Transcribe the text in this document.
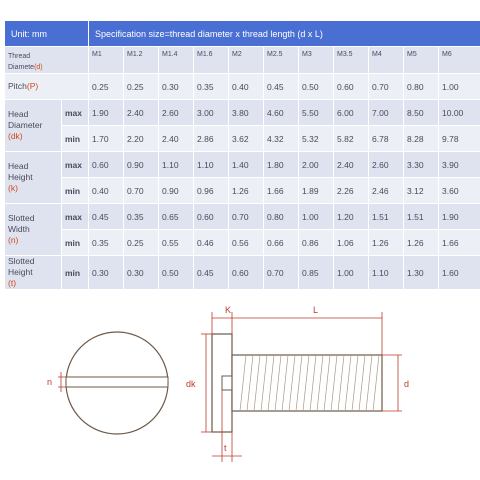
Unit: mm		Specification size=thread diameter x thread length (d x L)										
Thread
Diamete(d)		M1	M1.2	M1.4	M1.6	M2	M2.5	M3	M3.5	M4	M5	M6
Pitch(P)		0.25	0.25	0.30	0.35	0.40	0.45	0.50	0.60	0.70	0.80	1.00
Head
Diameter
(dk)	max	1.90	2.40	2.60	3.00	3.80	4.60	5.50	6.00	7.00	8.50	10.00
	min	1.70	2.20	2.40	2.86	3.62	4.32	5.32	5.82	6.78	8.28	9.78
Head
Height
(k)	max	0.60	0.90	1.10	1.10	1.40	1.80	2.00	2.40	2.60	3.30	3.90
	min	0.40	0.70	0.90	0.96	1.26	1.66	1.89	2.26	2.46	3.12	3.60
Slotted
Width
(n)	max	0.45	0.35	0.65	0.60	0.70	0.80	1.00	1.20	1.51	1.51	1.90
	min	0.35	0.25	0.55	0.46	0.56	0.66	0.86	1.06	1.26	1.26	1.66
Slotted
Height
(t)	min	0.30	0.30	0.50	0.45	0.60	0.70	0.85	1.00	1.10	1.30	1.60
n
K	L
dk	d
t
